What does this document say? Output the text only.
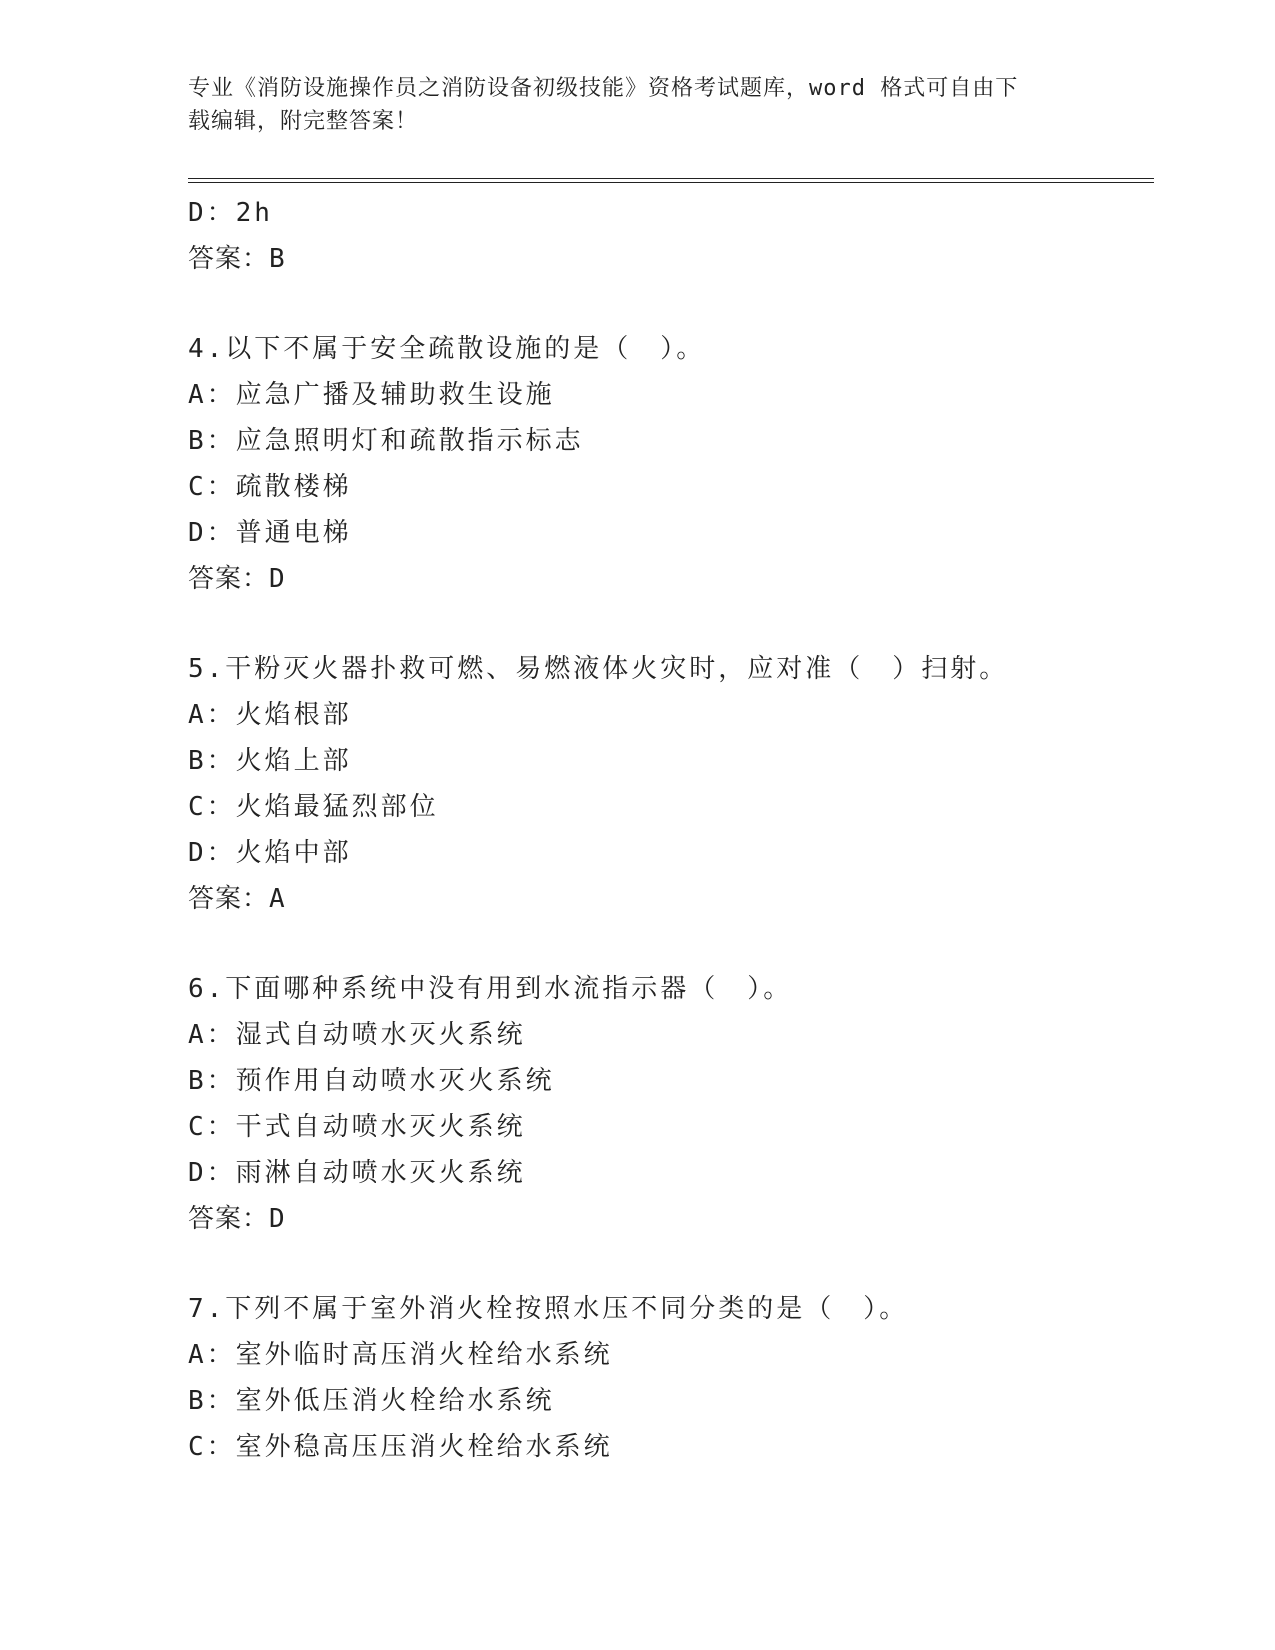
专业《消防设施操作员之消防设备初级技能》资格考试题库，word 格式可自由下
载编辑，附完整答案！
D：2h
答案：B
4.以下不属于安全疏散设施的是（　）。
A：应急广播及辅助救生设施
B：应急照明灯和疏散指示标志
C：疏散楼梯
D：普通电梯
答案：D
5.干粉灭火器扑救可燃、易燃液体火灾时，应对准（　）扫射。
A：火焰根部
B：火焰上部
C：火焰最猛烈部位
D：火焰中部
答案：A
6.下面哪种系统中没有用到水流指示器（　）。
A：湿式自动喷水灭火系统
B：预作用自动喷水灭火系统
C：干式自动喷水灭火系统
D：雨淋自动喷水灭火系统
答案：D
7.下列不属于室外消火栓按照水压不同分类的是（　）。
A：室外临时高压消火栓给水系统
B：室外低压消火栓给水系统
C：室外稳高压压消火栓给水系统
